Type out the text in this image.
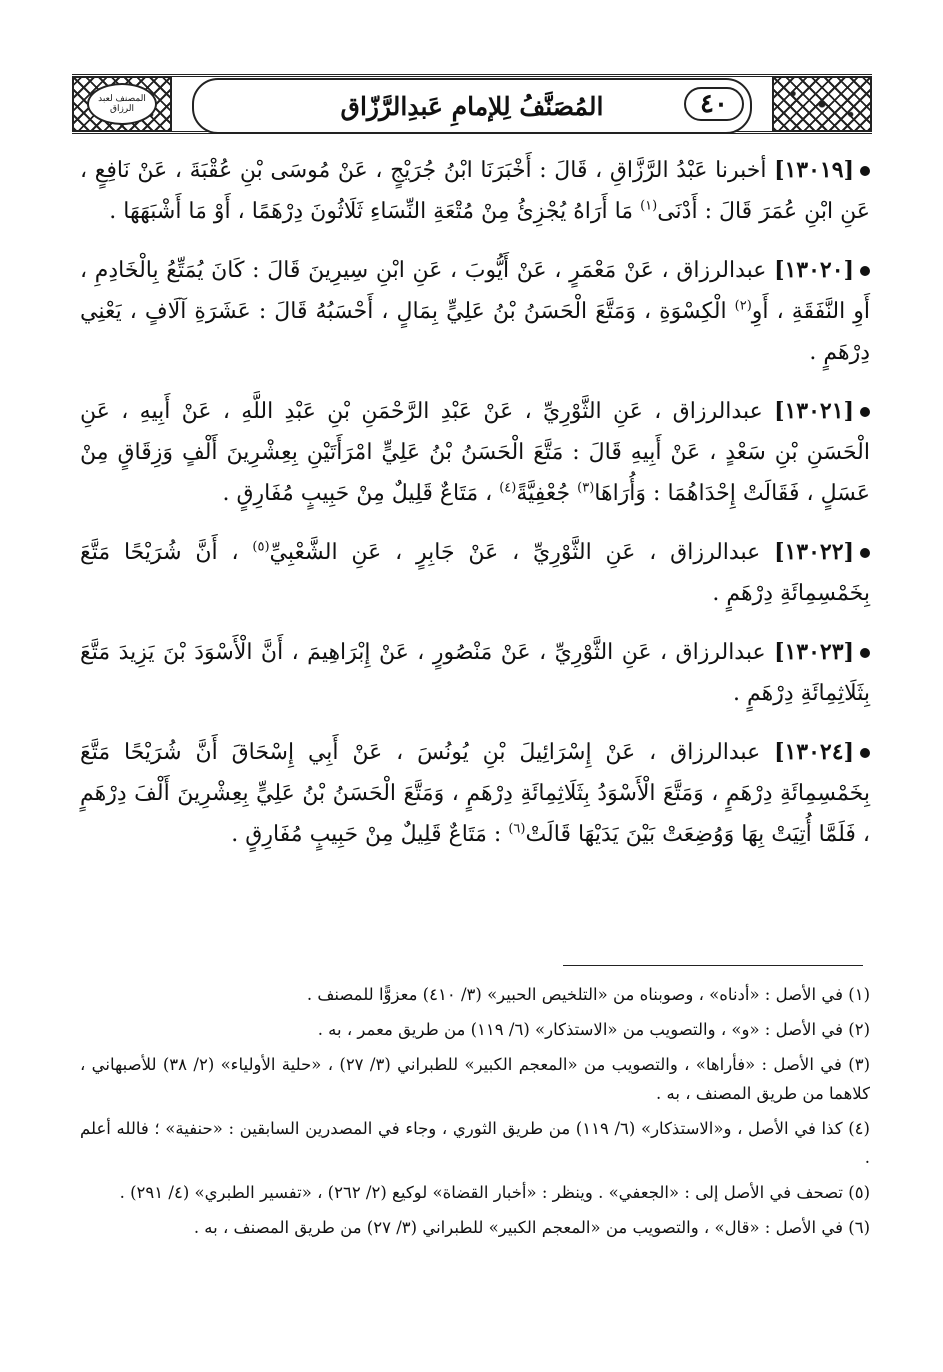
المصنف لعبد الرزاق	المُصَنَّفُ لِلإمامِ عَبدِالرَّزّاق	٤٠

[١٣٠١٩] أخبرنا عَبْدُ الرَّزَّاقِ ، قَالَ : أَخْبَرَنَا ابْنُ جُرَيْجٍ ، عَنْ مُوسَى بْنِ عُقْبَةَ ، عَنْ نَافِعٍ ، عَنِ ابْنِ عُمَرَ قَالَ : أَدْنَى$^{(١)}$ مَا أَرَاهُ يُجْزِئُ مِنْ مُتْعَةِ النِّسَاءِ ثَلَاثُونَ دِرْهَمًا ، أَوْ مَا أَشْبَهَهَا .

[١٣٠٢٠] عبدالرزاق ، عَنْ مَعْمَرٍ ، عَنْ أَيُّوبَ ، عَنِ ابْنِ سِيرِينَ قَالَ : كَانَ يُمَتِّعُ بِالْخَادِمِ ، أَوِ النَّفَقَةِ ، أَوِ$^{(٢)}$ الْكِسْوَةِ ، وَمَتَّعَ الْحَسَنُ بْنُ عَلِيٍّ بِمَالٍ ، أَحْسَبُهُ قَالَ : عَشَرَةِ آلَافٍ ، يَعْنِي دِرْهَمٍ .

[١٣٠٢١] عبدالرزاق ، عَنِ الثَّوْرِيِّ ، عَنْ عَبْدِ الرَّحْمَنِ بْنِ عَبْدِ اللَّهِ ، عَنْ أَبِيهِ ، عَنِ الْحَسَنِ بْنِ سَعْدٍ ، عَنْ أَبِيهِ قَالَ : مَتَّعَ الْحَسَنُ بْنُ عَلِيٍّ امْرَأَتَيْنِ بِعِشْرِينَ أَلْفٍ وَزِقَاقٍ مِنْ عَسَلٍ ، فَقَالَتْ إِحْدَاهُمَا : وَأُرَاهَا$^{(٣)}$ جُعْفِيَّةً$^{(٤)}$ ، مَتَاعٌ قَلِيلٌ مِنْ حَبِيبٍ مُفَارِقٍ .

[١٣٠٢٢] عبدالرزاق ، عَنِ الثَّوْرِيِّ ، عَنْ جَابِرٍ ، عَنِ الشَّعْبِيِّ$^{(٥)}$ ، أَنَّ شُرَيْحًا مَتَّعَ بِخَمْسِمِائَةِ دِرْهَمٍ .

[١٣٠٢٣] عبدالرزاق ، عَنِ الثَّوْرِيِّ ، عَنْ مَنْصُورٍ ، عَنْ إِبْرَاهِيمَ ، أَنَّ الْأَسْوَدَ بْنَ يَزِيدَ مَتَّعَ بِثَلَاثِمِائَةِ دِرْهَمٍ .

[١٣٠٢٤] عبدالرزاق ، عَنْ إِسْرَائِيلَ بْنِ يُونُسَ ، عَنْ أَبِي إِسْحَاقَ أَنَّ شُرَيْحًا مَتَّعَ بِخَمْسِمِائَةِ دِرْهَمٍ ، وَمَتَّعَ الْأَسْوَدُ بِثَلَاثِمِائَةِ دِرْهَمٍ ، وَمَتَّعَ الْحَسَنُ بْنُ عَلِيٍّ بِعِشْرِينَ أَلْفَ دِرْهَمٍ ، فَلَمَّا أُتِيَتْ بِهَا وَوُضِعَتْ بَيْنَ يَدَيْهَا قَالَتْ$^{(٦)}$ : مَتَاعٌ قَلِيلٌ مِنْ حَبِيبٍ مُفَارِقٍ .

(١) في الأصل : «أدناه» ، وصوبناه من «التلخيص الحبير» (٣/ ٤١٠) معزوًّا للمصنف .

(٢) في الأصل : «و» ، والتصويب من «الاستذكار» (٦/ ١١٩) من طريق معمر ، به .

(٣) في الأصل : «فأراها» ، والتصويب من «المعجم الكبير» للطبراني (٣/ ٢٧) ، «حلية الأولياء» (٢/ ٣٨) للأصبهاني ، كلاهما من طريق المصنف ، به .

(٤) كذا في الأصل ، و«الاستذكار» (٦/ ١١٩) من طريق الثوري ، وجاء في المصدرين السابقين : «حنفية» ؛ فالله أعلم .

(٥) تصحف في الأصل إلى : «الجعفي» . وينظر : «أخبار القضاة» لوكيع (٢/ ٢٦٢) ، «تفسير الطبري» (٤/ ٢٩١) .

(٦) في الأصل : «قال» ، والتصويب من «المعجم الكبير» للطبراني (٣/ ٢٧) من طريق المصنف ، به .
